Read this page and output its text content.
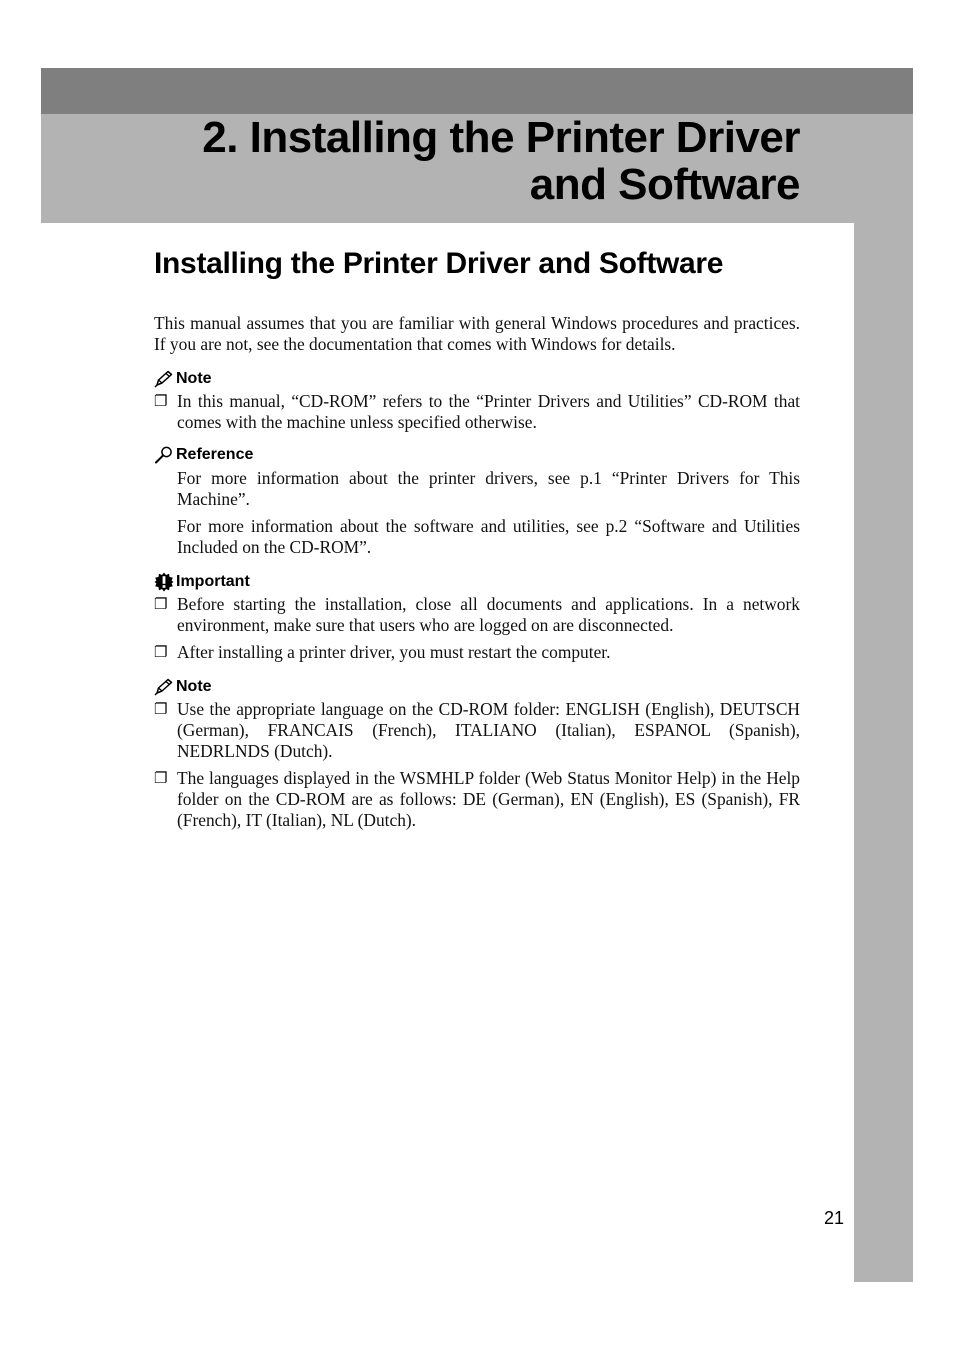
2. Installing the Printer Driver
and Software
Installing the Printer Driver and Software

This manual assumes that you are familiar with general Windows procedures and practices. If you are not, see the documentation that comes with Windows for details.

Note
❐ In this manual, “CD-ROM” refers to the “Printer Drivers and Utilities” CD-ROM that comes with the machine unless specified otherwise.
Reference

For more information about the printer drivers, see p.1 “Printer Drivers for This Machine”.

For more information about the software and utilities, see p.2 “Software and Utilities Included on the CD-ROM”.

Important
❐ Before starting the installation, close all documents and applications. In a network environment, make sure that users who are logged on are disconnected.
❐ After installing a printer driver, you must restart the computer.
Note
❐ Use the appropriate language on the CD-ROM folder: ENGLISH (English), DEUTSCH (German), FRANCAIS (French), ITALIANO (Italian), ESPANOL (Spanish), NEDRLNDS (Dutch).
❐ The languages displayed in the WSMHLP folder (Web Status Monitor Help) in the Help folder on the CD-ROM are as follows: DE (German), EN (English), ES (Spanish), FR (French), IT (Italian), NL (Dutch).
21
